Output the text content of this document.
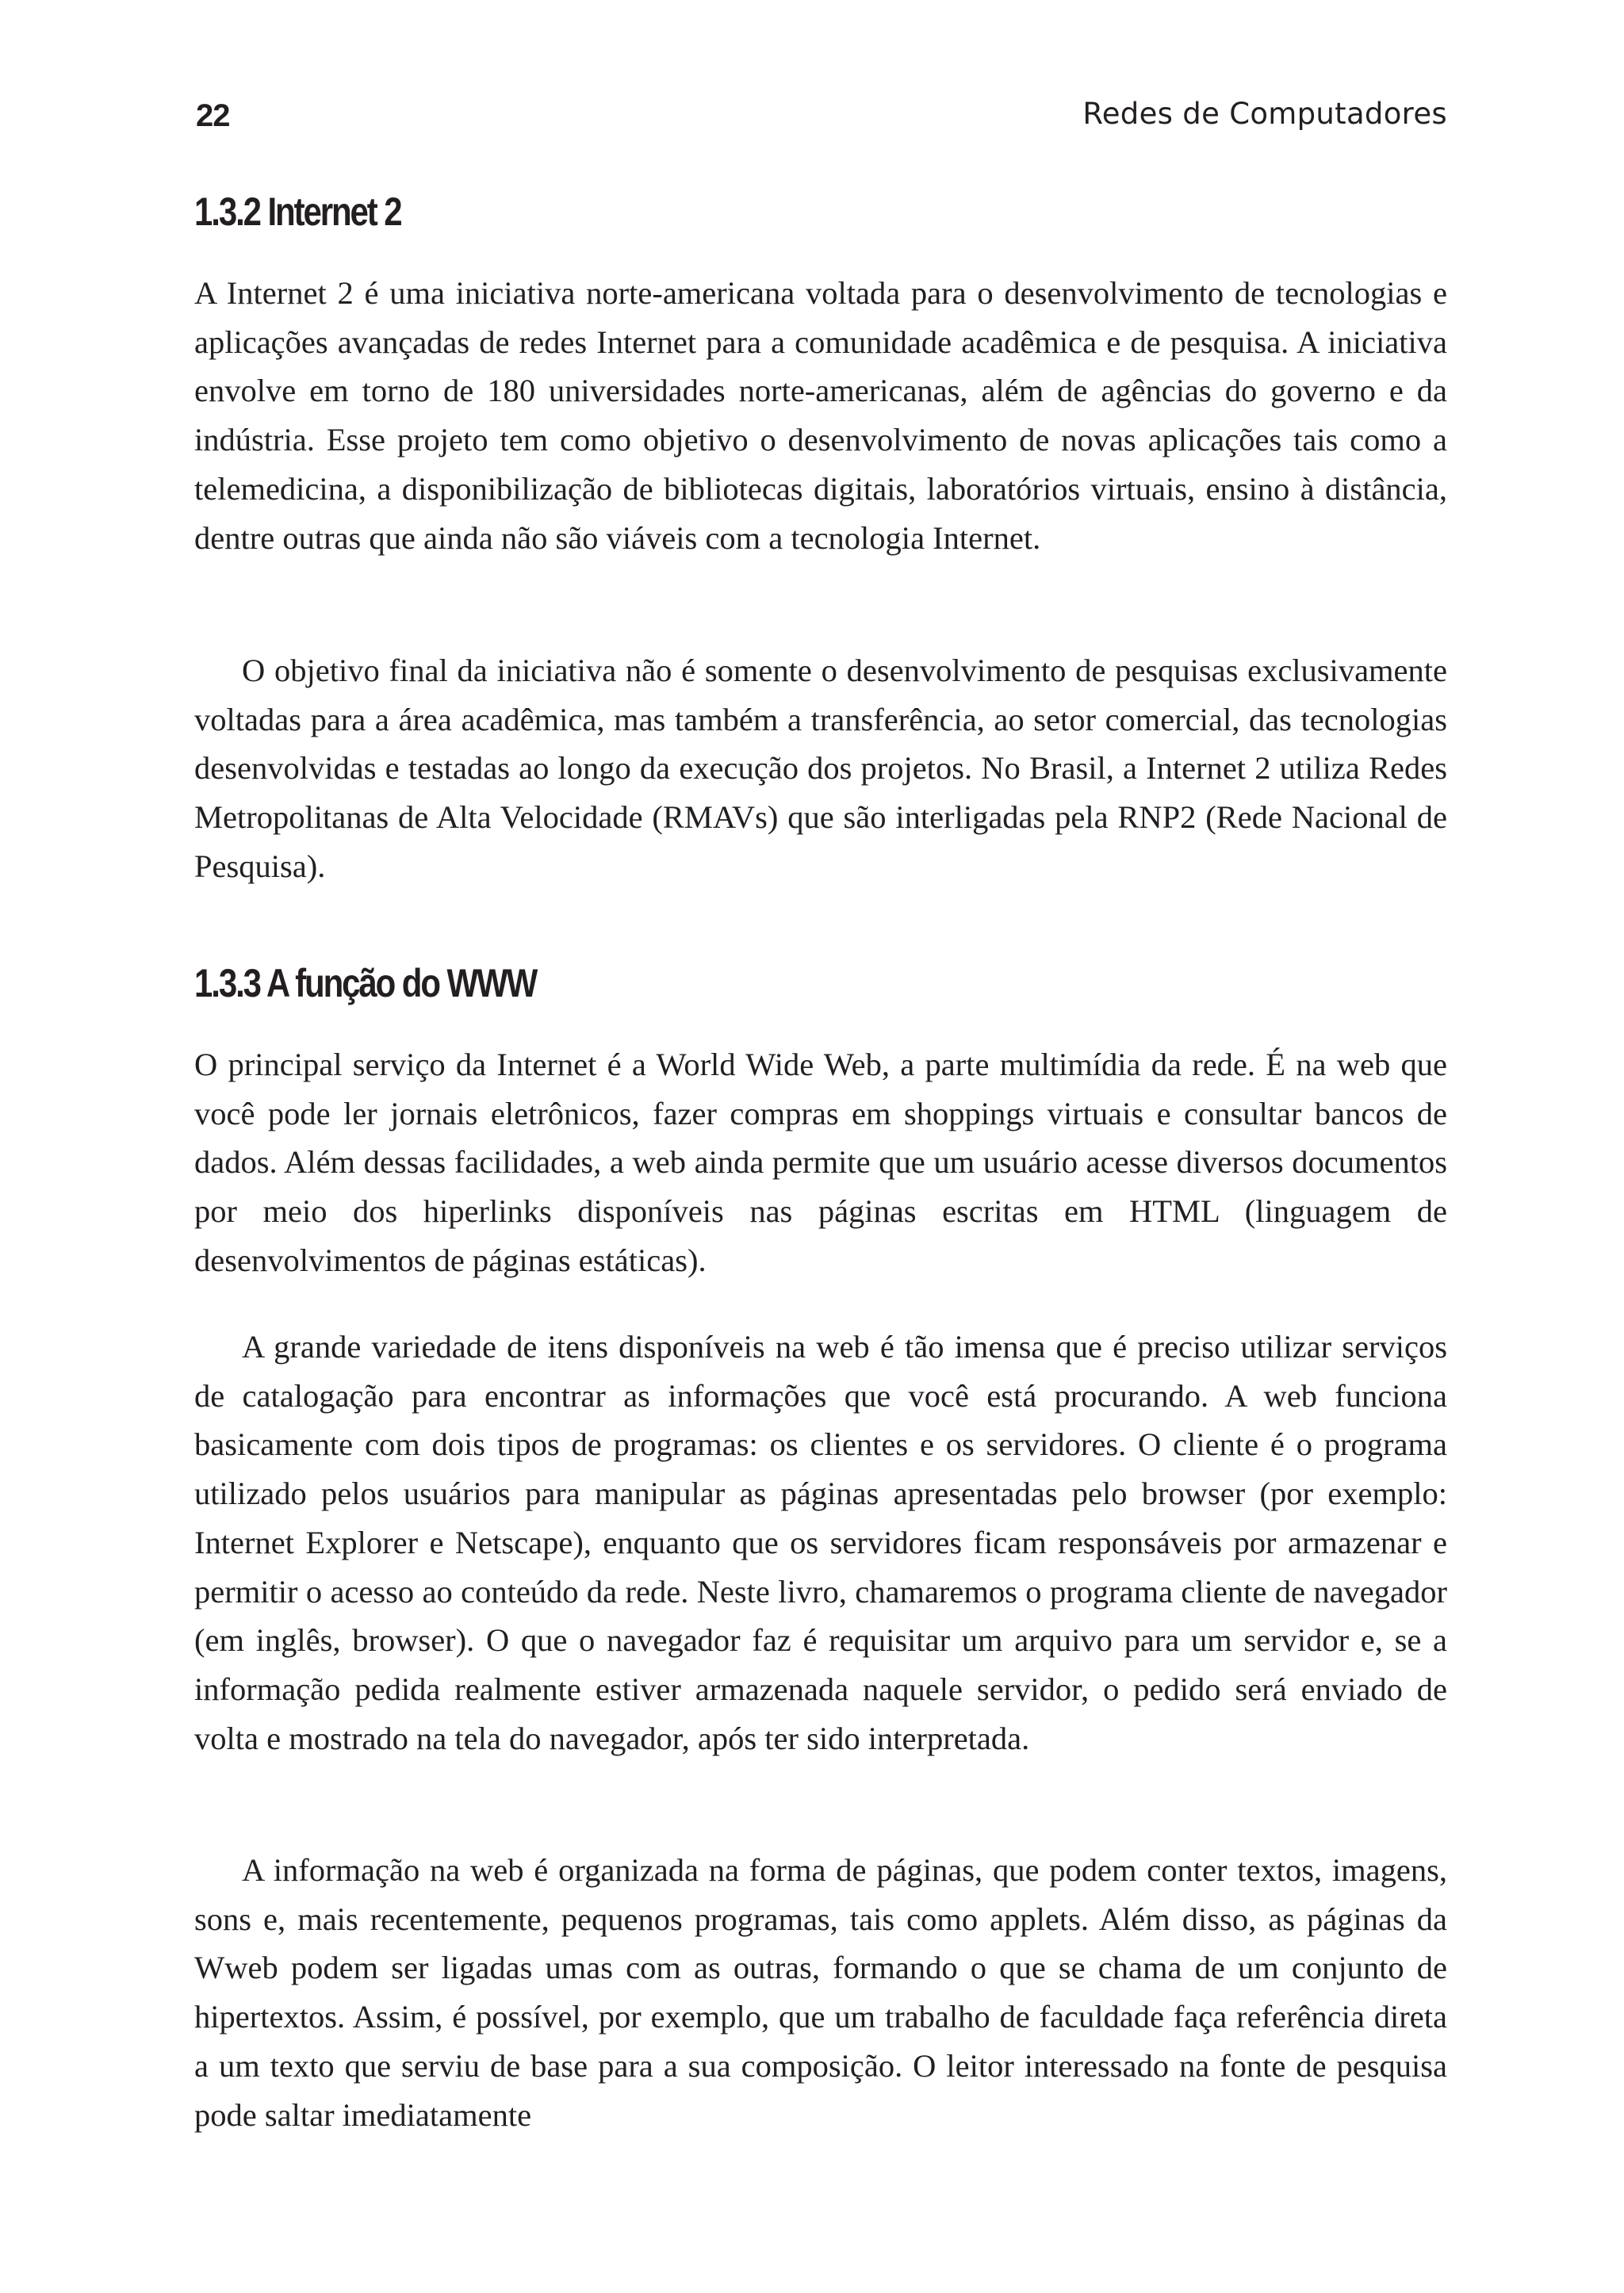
22	Redes de Computadores
1.3.2 Internet 2

A Internet 2 é uma iniciativa norte-americana voltada para o desenvolvimento de tecnologias e aplicações avançadas de redes Internet para a comunidade acadêmica e de pesquisa. A iniciativa envolve em torno de 180 universidades norte-americanas, além de agências do governo e da indústria. Esse projeto tem como objetivo o desenvolvimento de novas aplicações tais como a telemedicina, a disponibilização de bibliotecas digitais, laboratórios virtuais, ensino à distância, dentre outras que ainda não são viáveis com a tecnologia Internet.

O objetivo final da iniciativa não é somente o desenvolvimento de pesquisas exclusivamente voltadas para a área acadêmica, mas também a transferência, ao setor comercial, das tecnologias desenvolvidas e testadas ao longo da execução dos projetos. No Brasil, a Internet 2 utiliza Redes Metropolitanas de Alta Velocidade (RMAVs) que são interligadas pela RNP2 (Rede Nacional de Pesquisa).

1.3.3 A função do WWW

O principal serviço da Internet é a World Wide Web, a parte multimídia da rede. É na web que você pode ler jornais eletrônicos, fazer compras em shoppings virtuais e consultar bancos de dados. Além dessas facilidades, a web ainda permite que um usuário acesse diversos documentos por meio dos hiperlinks disponíveis nas páginas escritas em HTML (linguagem de desenvolvimentos de páginas estáticas).

A grande variedade de itens disponíveis na web é tão imensa que é preciso utilizar serviços de catalogação para encontrar as informações que você está procurando. A web funciona basicamente com dois tipos de programas: os clientes e os servidores. O cliente é o programa utilizado pelos usuários para manipular as páginas apresentadas pelo browser (por exemplo: Internet Explorer e Netscape), enquanto que os servidores ficam responsáveis por armazenar e permitir o acesso ao conteúdo da rede. Neste livro, chamaremos o programa cliente de navegador (em inglês, browser). O que o navegador faz é requisitar um arquivo para um servidor e, se a informação pedida realmente estiver armazenada naquele servidor, o pedido será enviado de volta e mostrado na tela do navegador, após ter sido interpretada.

A informação na web é organizada na forma de páginas, que podem conter textos, imagens, sons e, mais recentemente, pequenos programas, tais como applets. Além disso, as páginas da Wweb podem ser ligadas umas com as outras, formando o que se chama de um conjunto de hipertextos. Assim, é possível, por exemplo, que um trabalho de faculdade faça referência direta a um texto que serviu de base para a sua composição. O leitor interessado na fonte de pesquisa pode saltar imediatamente
